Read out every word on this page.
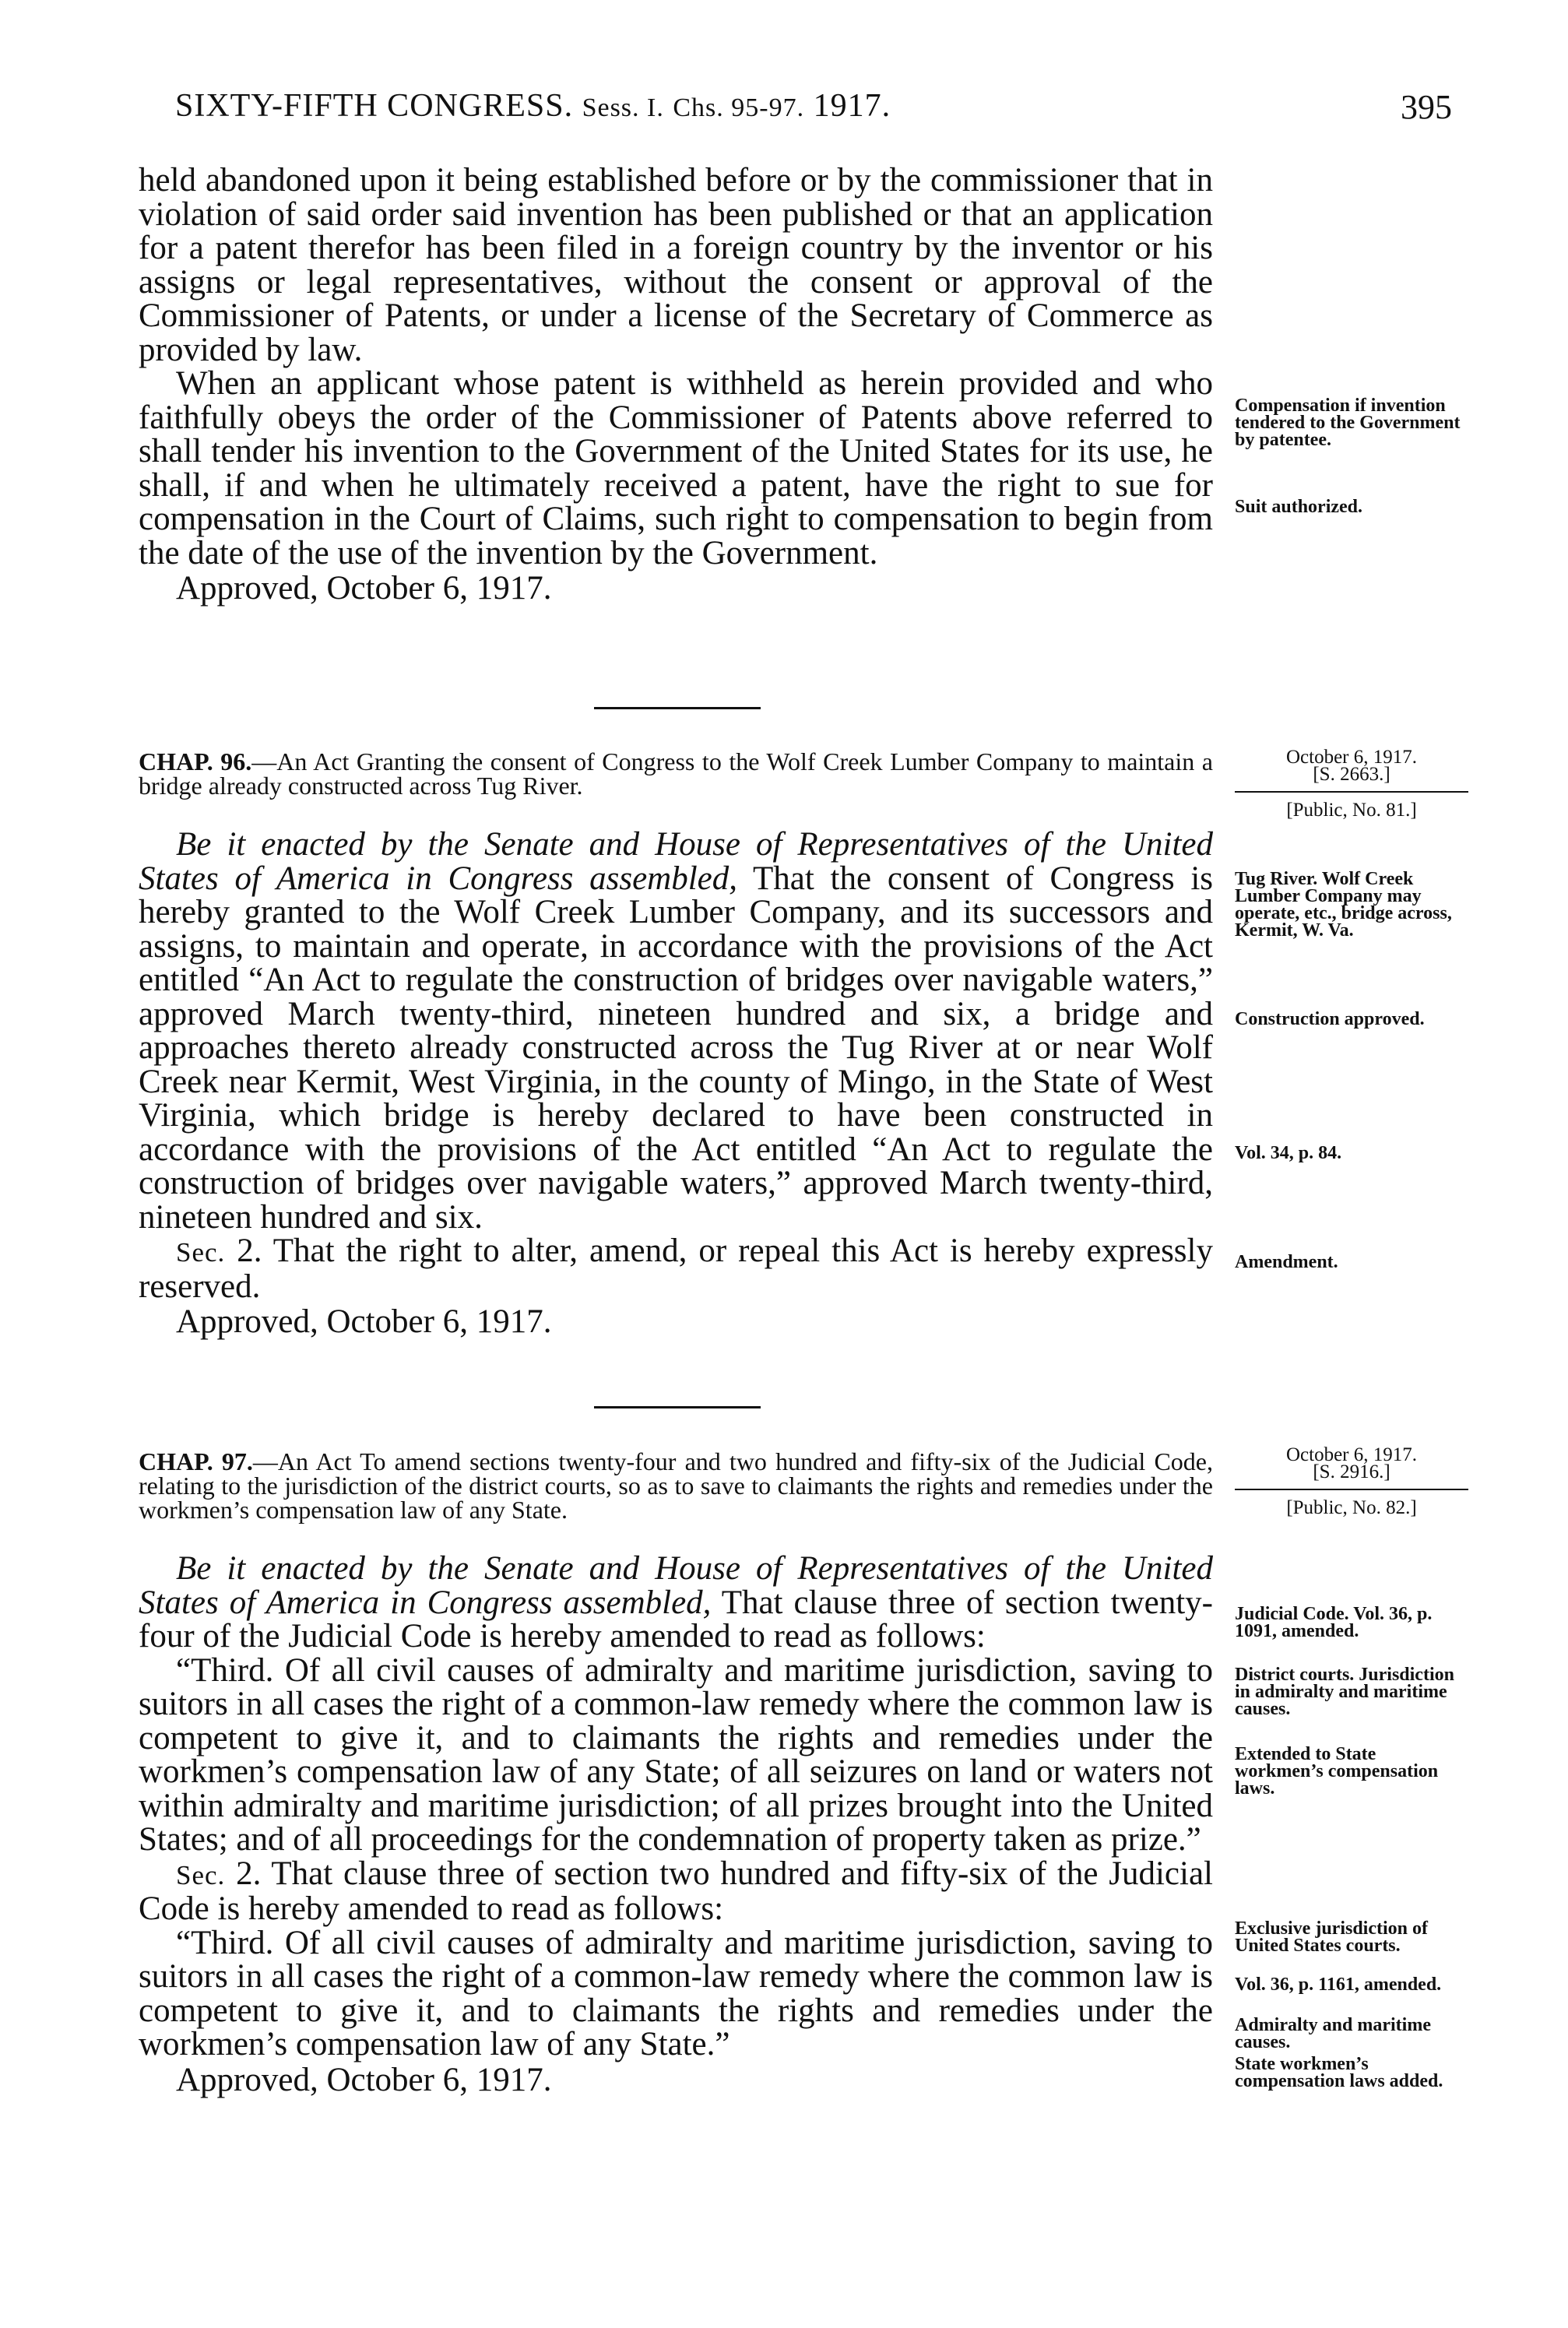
SIXTY-FIFTH CONGRESS. Sess. I. Chs. 95-97. 1917.	395

held abandoned upon it being established before or by the commissioner that in violation of said order said invention has been published or that an application for a patent therefor has been filed in a foreign country by the inventor or his assigns or legal representatives, without the consent or approval of the Commissioner of Patents, or under a license of the Secretary of Commerce as provided by law.

When an applicant whose patent is withheld as herein provided and who faithfully obeys the order of the Commissioner of Patents above referred to shall tender his invention to the Government of the United States for its use, he shall, if and when he ultimately received a patent, have the right to sue for compensation in the Court of Claims, such right to compensation to begin from the date of the use of the invention by the Government.

Approved, October 6, 1917.

Compensation if invention tendered to the Government by patentee.
Suit authorized.

CHAP. 96.—An Act Granting the consent of Congress to the Wolf Creek Lumber Company to maintain a bridge already constructed across Tug River.

Be it enacted by the Senate and House of Representatives of the United States of America in Congress assembled, That the consent of Congress is hereby granted to the Wolf Creek Lumber Company, and its successors and assigns, to maintain and operate, in accordance with the provisions of the Act entitled “An Act to regulate the construction of bridges over navigable waters,” approved March twenty-third, nineteen hundred and six, a bridge and approaches thereto already constructed across the Tug River at or near Wolf Creek near Kermit, West Virginia, in the county of Mingo, in the State of West Virginia, which bridge is hereby declared to have been constructed in accordance with the provisions of the Act entitled “An Act to regulate the construction of bridges over navigable waters,” approved March twenty-third, nineteen hundred and six.

Sec. 2. That the right to alter, amend, or repeal this Act is hereby expressly reserved.

Approved, October 6, 1917.

October 6, 1917.
[S. 2663.]
[Public, No. 81.]
Tug River. Wolf Creek Lumber Company may operate, etc., bridge across, Kermit, W. Va.
Construction approved.
Vol. 34, p. 84.
Amendment.

CHAP. 97.—An Act To amend sections twenty-four and two hundred and fifty-six of the Judicial Code, relating to the jurisdiction of the district courts, so as to save to claimants the rights and remedies under the workmen’s compensation law of any State.

Be it enacted by the Senate and House of Representatives of the United States of America in Congress assembled, That clause three of section twenty-four of the Judicial Code is hereby amended to read as follows:

“Third. Of all civil causes of admiralty and maritime jurisdiction, saving to suitors in all cases the right of a common-law remedy where the common law is competent to give it, and to claimants the rights and remedies under the workmen’s compensation law of any State; of all seizures on land or waters not within admiralty and maritime jurisdiction; of all prizes brought into the United States; and of all proceedings for the condemnation of property taken as prize.”

Sec. 2. That clause three of section two hundred and fifty-six of the Judicial Code is hereby amended to read as follows:

“Third. Of all civil causes of admiralty and maritime jurisdiction, saving to suitors in all cases the right of a common-law remedy where the common law is competent to give it, and to claimants the rights and remedies under the workmen’s compensation law of any State.”

Approved, October 6, 1917.

October 6, 1917.
[S. 2916.]
[Public, No. 82.]
Judicial Code. Vol. 36, p. 1091, amended.
District courts. Jurisdiction in admiralty and maritime causes.
Extended to State workmen’s compensation laws.
Exclusive jurisdiction of United States courts.
Vol. 36, p. 1161, amended.
Admiralty and maritime causes.
State workmen’s compensation laws added.
